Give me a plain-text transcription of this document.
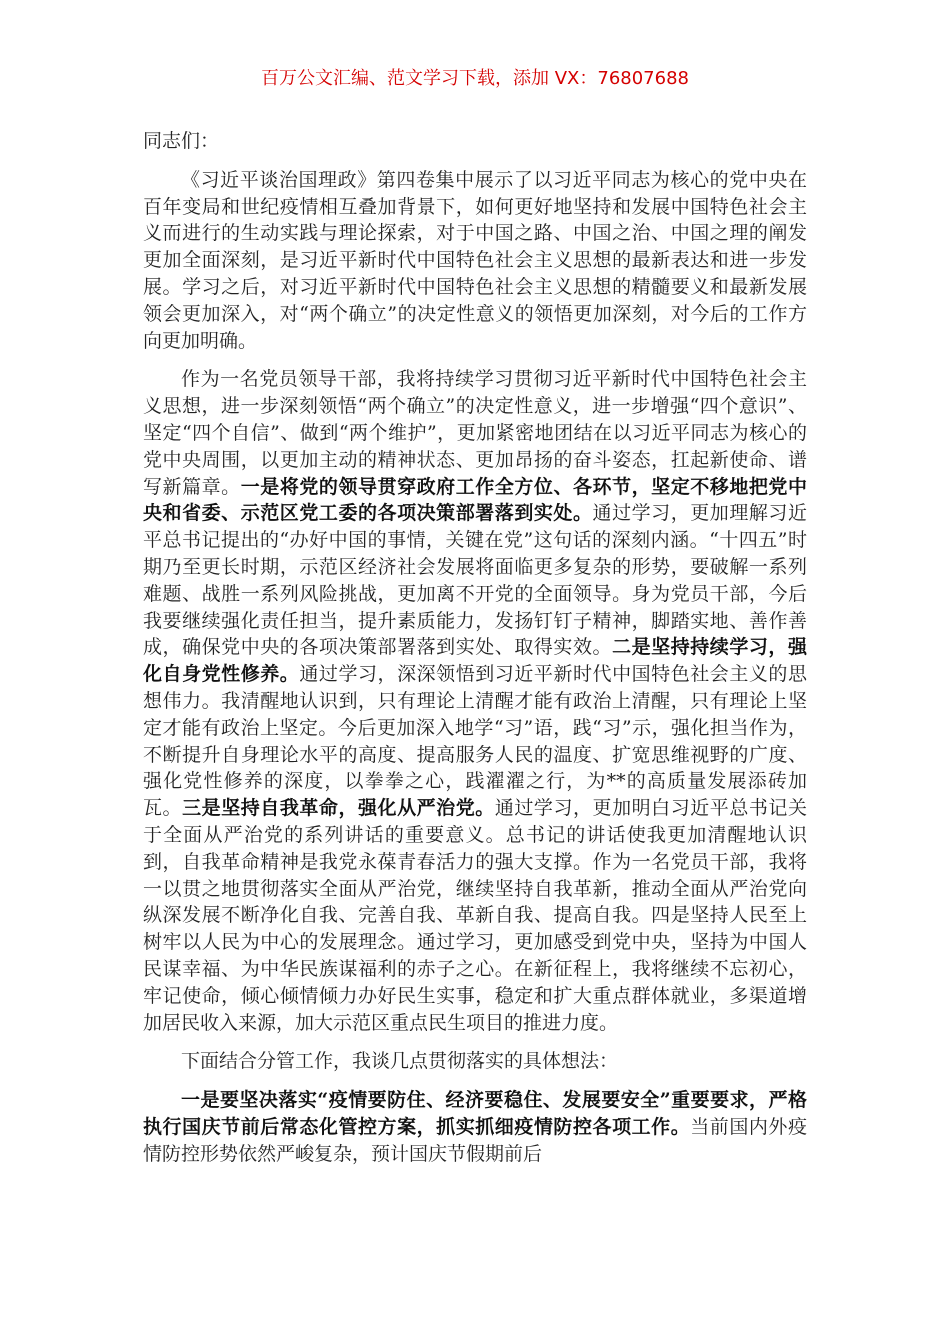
百万公文汇编、范文学习下载，添加 VX：76807688

同志们：

《习近平谈治国理政》第四卷集中展示了以习近平同志为核心的党中央在百年变局和世纪疫情相互叠加背景下，如何更好地坚持和发展中国特色社会主义而进行的生动实践与理论探索，对于中国之路、中国之治、中国之理的阐发更加全面深刻，是习近平新时代中国特色社会主义思想的最新表达和进一步发展。学习之后，对习近平新时代中国特色社会主义思想的精髓要义和最新发展领会更加深入，对“两个确立”的决定性意义的领悟更加深刻，对今后的工作方向更加明确。

作为一名党员领导干部，我将持续学习贯彻习近平新时代中国特色社会主义思想，进一步深刻领悟“两个确立”的决定性意义，进一步增强“四个意识”、坚定“四个自信”、做到“两个维护”，更加紧密地团结在以习近平同志为核心的党中央周围，以更加主动的精神状态、更加昂扬的奋斗姿态，扛起新使命、谱写新篇章。一是将党的领导贯穿政府工作全方位、各环节，坚定不移地把党中央和省委、示范区党工委的各项决策部署落到实处。通过学习，更加理解习近平总书记提出的“办好中国的事情，关键在党”这句话的深刻内涵。“十四五”时期乃至更长时期，示范区经济社会发展将面临更多复杂的形势，要破解一系列难题、战胜一系列风险挑战，更加离不开党的全面领导。身为党员干部，今后我要继续强化责任担当，提升素质能力，发扬钉钉子精神，脚踏实地、善作善成，确保党中央的各项决策部署落到实处、取得实效。二是坚持持续学习，强化自身党性修养。通过学习，深深领悟到习近平新时代中国特色社会主义的思想伟力。我清醒地认识到，只有理论上清醒才能有政治上清醒，只有理论上坚定才能有政治上坚定。今后更加深入地学“习”语，践“习”示，强化担当作为，不断提升自身理论水平的高度、提高服务人民的温度、扩宽思维视野的广度、强化党性修养的深度，以拳拳之心，践濯濯之行，为**的高质量发展添砖加瓦。三是坚持自我革命，强化从严治党。通过学习，更加明白习近平总书记关于全面从严治党的系列讲话的重要意义。总书记的讲话使我更加清醒地认识到，自我革命精神是我党永葆青春活力的强大支撑。作为一名党员干部，我将一以贯之地贯彻落实全面从严治党，继续坚持自我革新，推动全面从严治党向纵深发展不断净化自我、完善自我、革新自我、提高自我。四是坚持人民至上树牢以人民为中心的发展理念。通过学习，更加感受到党中央，坚持为中国人民谋幸福、为中华民族谋福利的赤子之心。在新征程上，我将继续不忘初心，牢记使命，倾心倾情倾力办好民生实事，稳定和扩大重点群体就业，多渠道增加居民收入来源，加大示范区重点民生项目的推进力度。

下面结合分管工作，我谈几点贯彻落实的具体想法：

一是要坚决落实“疫情要防住、经济要稳住、发展要安全”重要要求，严格执行国庆节前后常态化管控方案，抓实抓细疫情防控各项工作。当前国内外疫情防控形势依然严峻复杂，预计国庆节假期前后
